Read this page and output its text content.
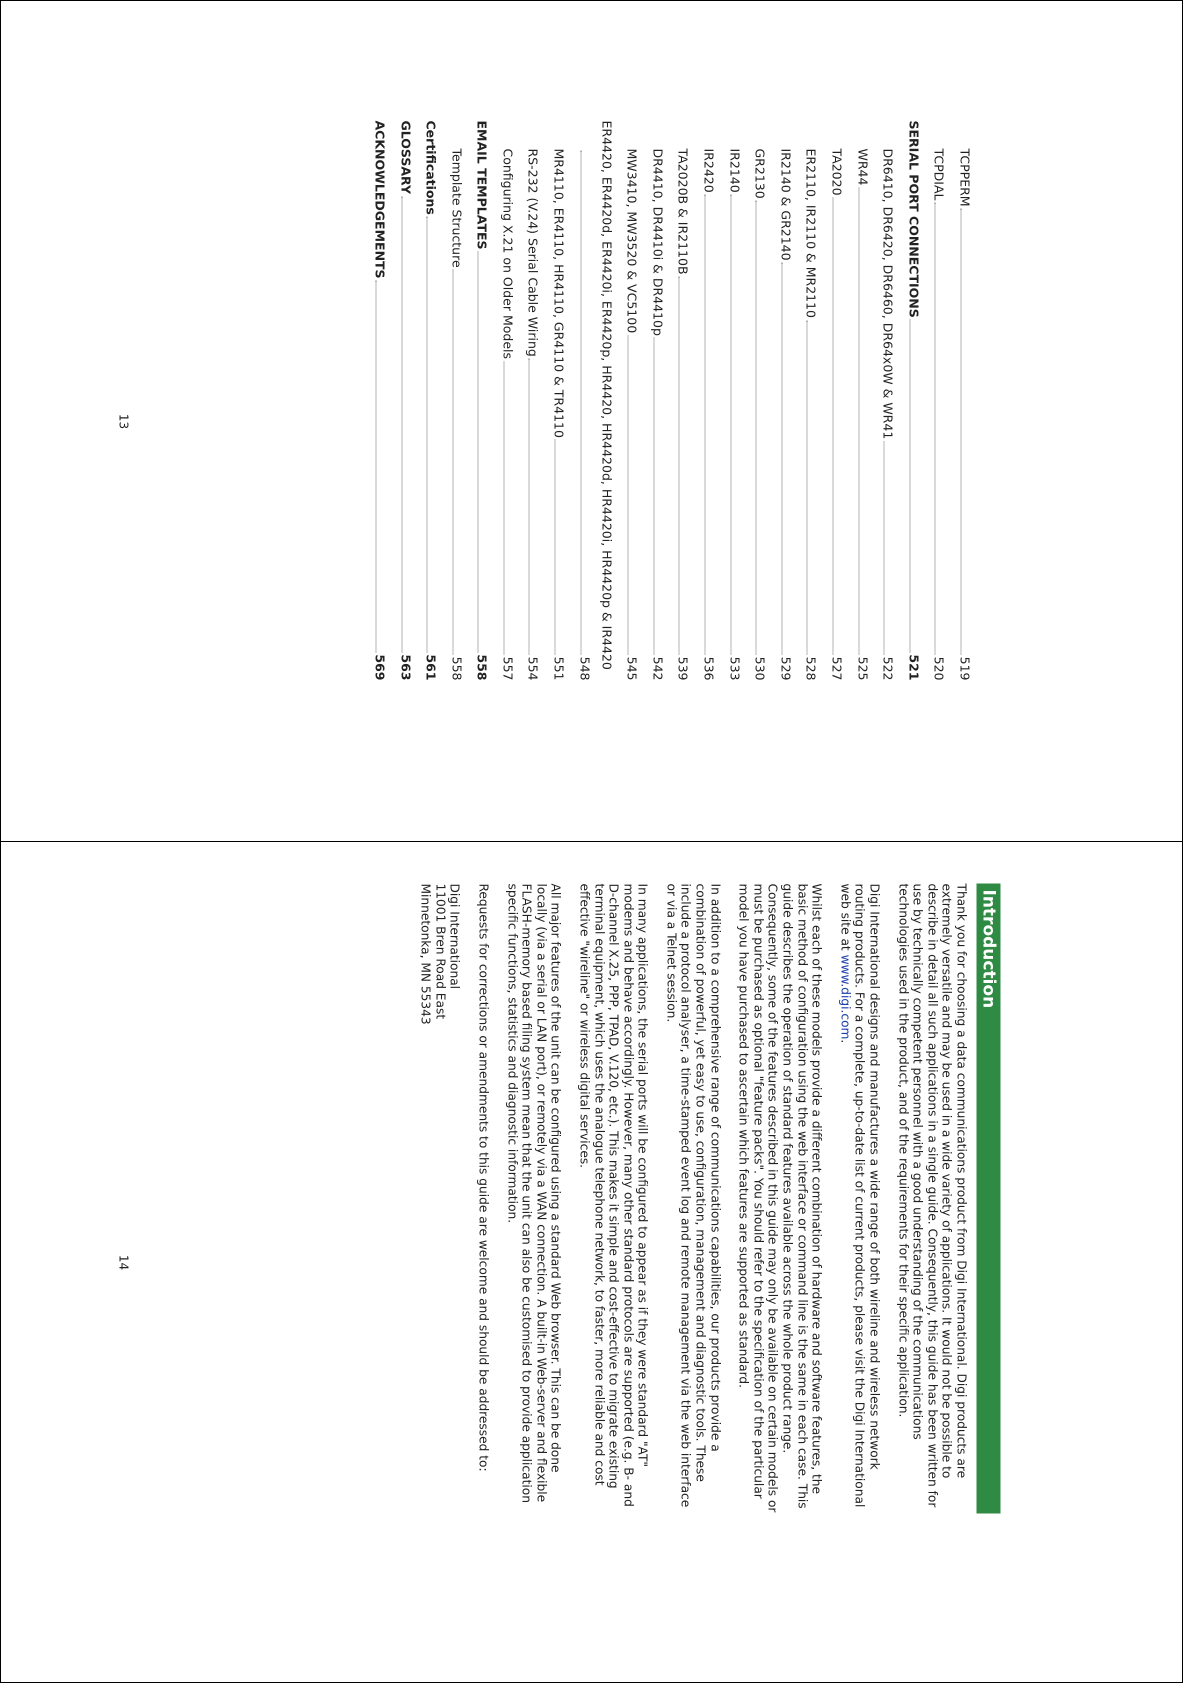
TCPPERM
519
TCPDIAL
520
SERIAL PORT CONNECTIONS
521
DR6410, DR6420, DR6460, DR64x0W & WR41
522
WR44
525
TA2020
527
ER2110, IR2110 & MR2110
528
IR2140 & GR2140
529
GR2130
530
IR2140
533
IR2420
536
TA2020B & IR2110B
539
DR4410, DR4410i & DR4410p
542
MW3410, MW3520 & VC5100
545
ER4420, ER4420d, ER4420i, ER4420p, HR4420, HR4420d, HR4420i, HR4420p & IR4420
548
MR4110, ER4110, HR4110, GR4110 & TR4110
551
RS-232 (V.24) Serial Cable Wiring
554
Configuring X.21 on Older Models
557
EMAIL TEMPLATES
558
Template Structure
558
Certifications
561
GLOSSARY
563
ACKNOWLEDGEMENTS
569
13
Introduction

Thank you for choosing a data communications product from Digi International. Digi products are extremely versatile and may be used in a wide variety of applications. It would not be possible to describe in detail all such applications in a single guide. Consequently, this guide has been written for use by technically competent personnel with a good understanding of the communications technologies used in the product, and of the requirements for their specific application.

Digi International designs and manufactures a wide range of both wireline and wireless network routing products. For a complete, up-to-date list of current products, please visit the Digi International web site at www.digi.com.

Whilst each of these models provide a different combination of hardware and software features, the basic method of configuration using the web interface or command line is the same in each case. This guide describes the operation of standard features available across the whole product range. Consequently, some of the features described in this guide may only be available on certain models or must be purchased as optional "feature packs". You should refer to the specification of the particular model you have purchased to ascertain which features are supported as standard.

In addition to a comprehensive range of communications capabilities, our products provide a combination of powerful, yet easy to use, configuration, management and diagnostic tools. These include a protocol analyser, a time-stamped event log and remote management via the web interface or via a Telnet session.

In many applications, the serial ports will be configured to appear as if they were standard "AT" modems and behave accordingly. However, many other standard protocols are supported (e.g. B- and D-channel X.25, PPP, TPAD, V.120, etc.). This makes it simple and cost-effective to migrate existing terminal equipment, which uses the analogue telephone network, to faster, more reliable and cost effective "wireline" or wireless digital services.

All major features of the unit can be configured using a standard Web browser. This can be done locally (via a serial or LAN port), or remotely via a WAN connection. A built-in Web-server and flexible FLASH-memory based filing system mean that the unit can also be customised to provide application specific functions, statistics and diagnostic information.

Requests for corrections or amendments to this guide are welcome and should be addressed to:

Digi International
11001 Bren Road East
Minnetonka, MN 55343
14
